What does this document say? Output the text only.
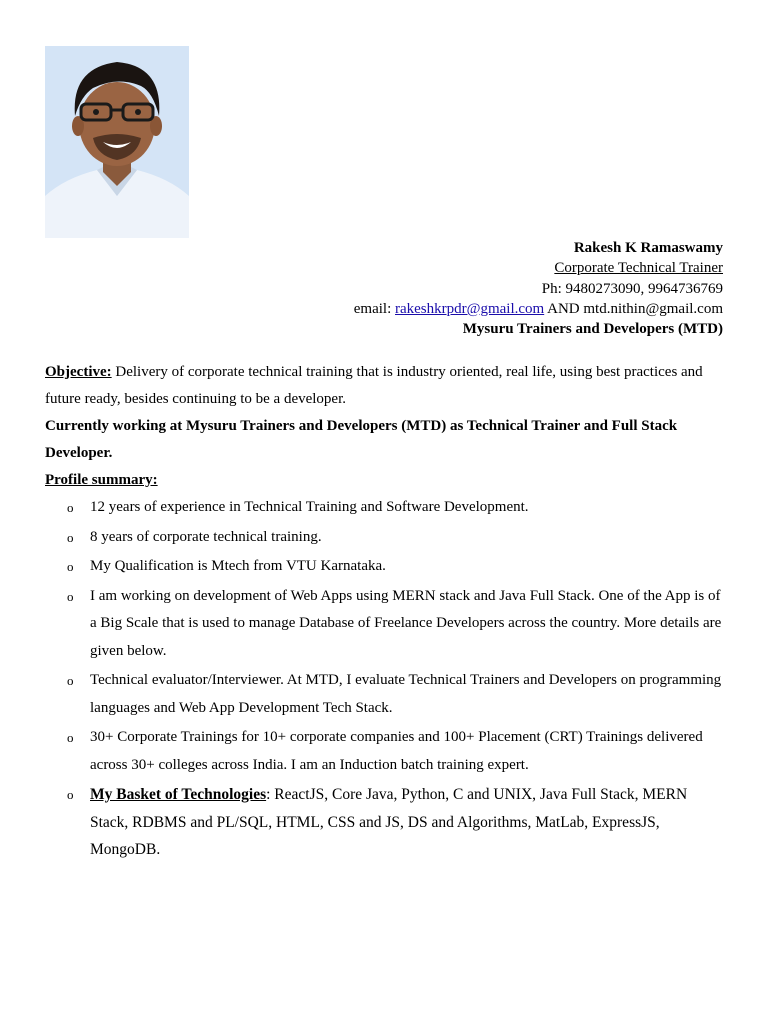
Rakesh K Ramaswamy
Corporate Technical Trainer
Ph: 9480273090, 9964736769
email: rakeshkrpdr@gmail.com AND mtd.nithin@gmail.com
Mysuru Trainers and Developers (MTD)

Objective: Delivery of corporate technical training that is industry oriented, real life, using best practices and future ready, besides continuing to be a developer.

Currently working at Mysuru Trainers and Developers (MTD) as Technical Trainer and Full Stack Developer.

Profile summary:

o 12 years of experience in Technical Training and Software Development.
o 8 years of corporate technical training.
o My Qualification is Mtech from VTU Karnataka.
o I am working on development of Web Apps using MERN stack and Java Full Stack. One of the App is of a Big Scale that is used to manage Database of Freelance Developers across the country. More details are given below.
o Technical evaluator/Interviewer. At MTD, I evaluate Technical Trainers and Developers on programming languages and Web App Development Tech Stack.
o 30+ Corporate Trainings for 10+ corporate companies and 100+ Placement (CRT) Trainings delivered across 30+ colleges across India. I am an Induction batch training expert.
o My Basket of Technologies: ReactJS, Core Java, Python, C and UNIX, Java Full Stack, MERN Stack, RDBMS and PL/SQL, HTML, CSS and JS, DS and Algorithms, MatLab, ExpressJS, MongoDB.
